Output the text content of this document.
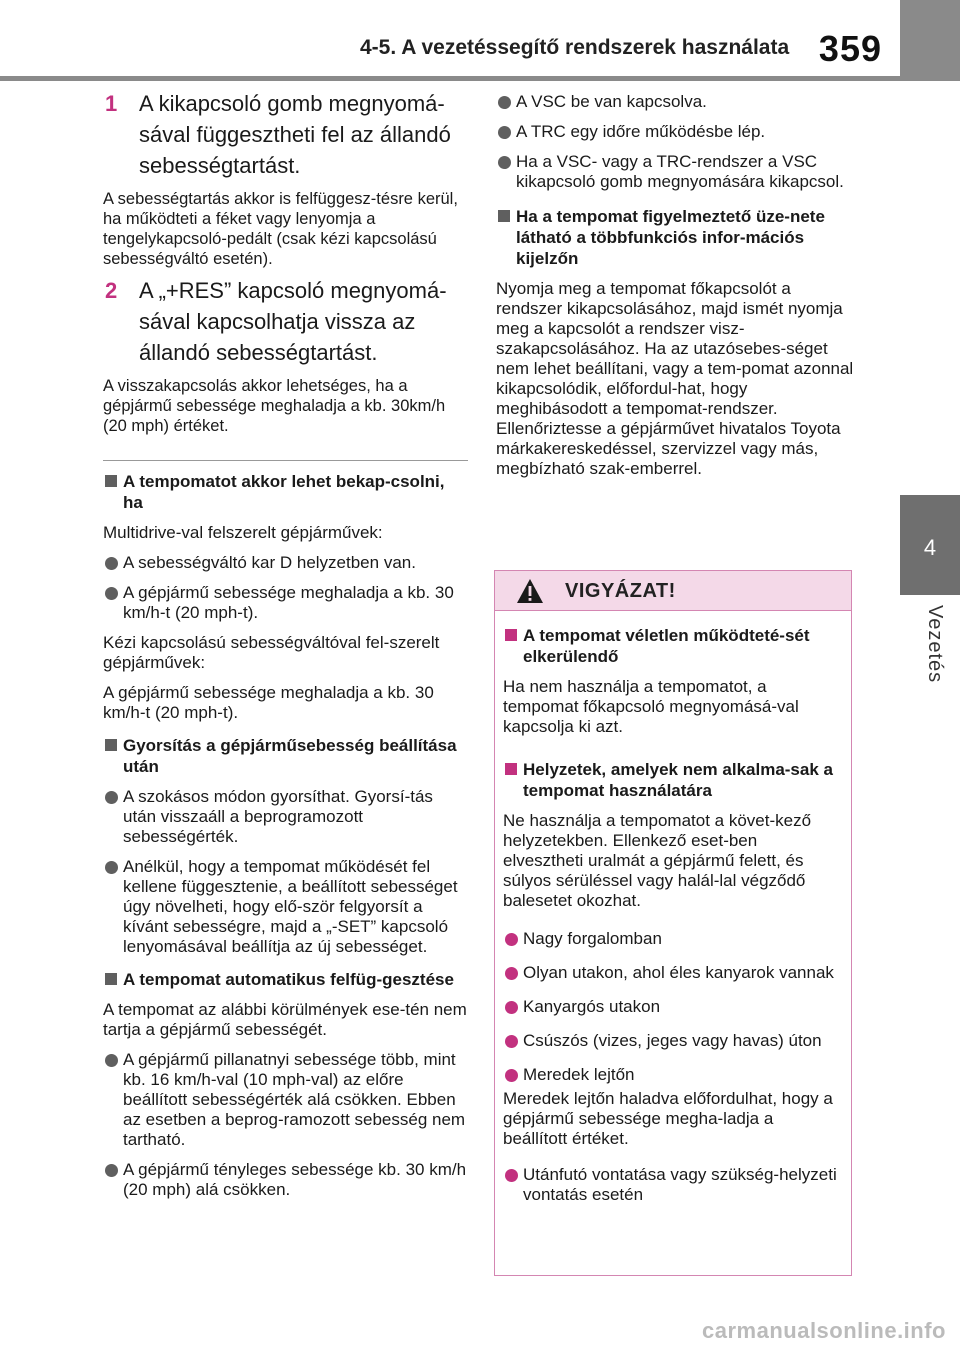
4-5. A vezetéssegítő rendszerek használata 359
4
Vezetés
1 A kikapcsoló gomb megnyomá-sával függesztheti fel az állandó sebességtartást.
A sebességtartás akkor is felfüggesz-tésre kerül, ha működteti a féket vagy lenyomja a tengelykapcsoló-pedált (csak kézi kapcsolású sebességváltó esetén).
2 A „+RES” kapcsoló megnyomá-sával kapcsolhatja vissza az állandó sebességtartást.
A visszakapcsolás akkor lehetséges, ha a gépjármű sebessége meghaladja a kb. 30km/h (20 mph) értéket.
A tempomatot akkor lehet bekap-csolni, ha
Multidrive-val felszerelt gépjárművek:
A sebességváltó kar D helyzetben van.
A gépjármű sebessége meghaladja a kb. 30 km/h-t (20 mph-t).
Kézi kapcsolású sebességváltóval fel-szerelt gépjárművek:
A gépjármű sebessége meghaladja a kb. 30 km/h-t (20 mph-t).
Gyorsítás a gépjárműsebesség beállítása után
A szokásos módon gyorsíthat. Gyorsí-tás után visszaáll a beprogramozott sebességérték.
Anélkül, hogy a tempomat működését fel kellene függesztenie, a beállított sebességet úgy növelheti, hogy elő-ször felgyorsít a kívánt sebességre, majd a „-SET” kapcsoló lenyomásával beállítja az új sebességet.
A tempomat automatikus felfüg-gesztése
A tempomat az alábbi körülmények ese-tén nem tartja a gépjármű sebességét.
A gépjármű pillanatnyi sebessége több, mint kb. 16 km/h-val (10 mph-val) az előre beállított sebességérték alá csökken. Ebben az esetben a beprog-ramozott sebesség nem tartható.
A gépjármű tényleges sebessége kb. 30 km/h (20 mph) alá csökken.
A VSC be van kapcsolva.
A TRC egy időre működésbe lép.
Ha a VSC- vagy a TRC-rendszer a VSC kikapcsoló gomb megnyomására kikapcsol.
Ha a tempomat figyelmeztető üze-nete látható a többfunkciós infor-mációs kijelzőn
Nyomja meg a tempomat főkapcsolót a rendszer kikapcsolásához, majd ismét nyomja meg a kapcsolót a rendszer visz-szakapcsolásához. Ha az utazósebes-séget nem lehet beállítani, vagy a tem-pomat azonnal kikapcsolódik, előfordul-hat, hogy meghibásodott a tempomat-rendszer. Ellenőriztesse a gépjárművet hivatalos Toyota márkakereskedéssel, szervizzel vagy más, megbízható szak-emberrel.
VIGYÁZAT!
A tempomat véletlen működteté-sét elkerülendő
Ha nem használja a tempomatot, a tempomat főkapcsoló megnyomásá-val kapcsolja ki azt.
Helyzetek, amelyek nem alkalma-sak a tempomat használatára
Ne használja a tempomatot a követ-kező helyzetekben. Ellenkező eset-ben elvesztheti uralmát a gépjármű felett, és súlyos sérüléssel vagy halál-lal végződő balesetet okozhat.
Nagy forgalomban
Olyan utakon, ahol éles kanyarok vannak
Kanyargós utakon
Csúszós (vizes, jeges vagy havas) úton
Meredek lejtőn
Meredek lejtőn haladva előfordulhat, hogy a gépjármű sebessége megha-ladja a beállított értéket.
Utánfutó vontatása vagy szükség-helyzeti vontatás esetén
carmanualsonline.info
